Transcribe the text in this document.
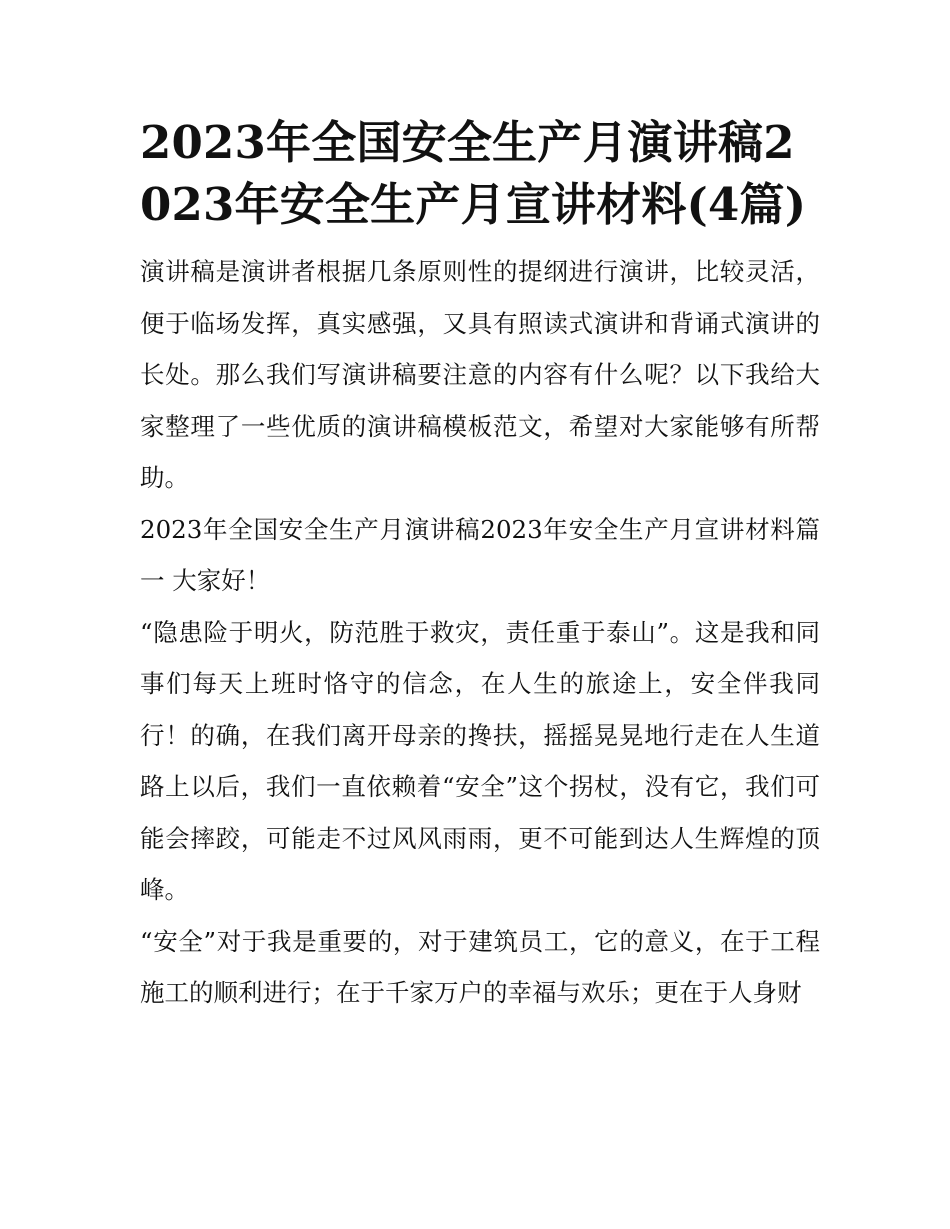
2023年全国安全生产月演讲稿2023年安全生产月宣讲材料(4篇)

演讲稿是演讲者根据几条原则性的提纲进行演讲，比较灵活，便于临场发挥，真实感强，又具有照读式演讲和背诵式演讲的长处。那么我们写演讲稿要注意的内容有什么呢？以下我给大家整理了一些优质的演讲稿模板范文，希望对大家能够有所帮助。

2023年全国安全生产月演讲稿2023年安全生产月宣讲材料篇一 大家好！

“隐患险于明火，防范胜于救灾，责任重于泰山”。这是我和同事们每天上班时恪守的信念，在人生的旅途上，安全伴我同行！的确，在我们离开母亲的搀扶，摇摇晃晃地行走在人生道路上以后，我们一直依赖着“安全”这个拐杖，没有它，我们可能会摔跤，可能走不过风风雨雨，更不可能到达人生辉煌的顶峰。

“安全”对于我是重要的，对于建筑员工，它的意义，在于工程施工的顺利进行；在于千家万户的幸福与欢乐；更在于人身财
